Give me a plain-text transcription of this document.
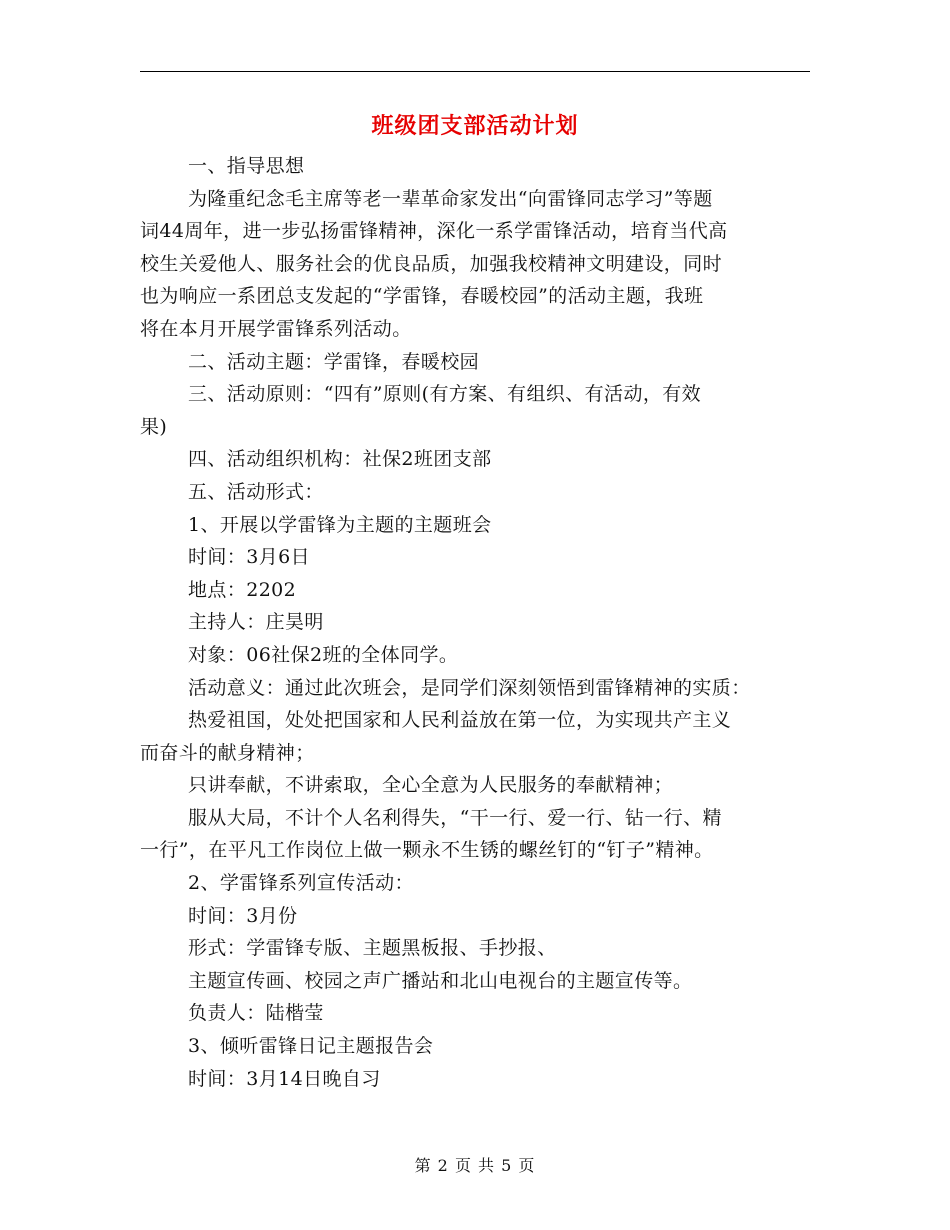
班级团支部活动计划
一、指导思想
为隆重纪念毛主席等老一辈革命家发出“向雷锋同志学习”等题
词44周年，进一步弘扬雷锋精神，深化一系学雷锋活动，培育当代高
校生关爱他人、服务社会的优良品质，加强我校精神文明建设，同时
也为响应一系团总支发起的“学雷锋，春暖校园”的活动主题，我班
将在本月开展学雷锋系列活动。
二、活动主题：学雷锋，春暖校园
三、活动原则：“四有”原则(有方案、有组织、有活动，有效
果)
四、活动组织机构：社保2班团支部
五、活动形式：
1、开展以学雷锋为主题的主题班会
时间：3月6日
地点：2202
主持人：庄昊明
对象：06社保2班的全体同学。
活动意义：通过此次班会，是同学们深刻领悟到雷锋精神的实质：
热爱祖国，处处把国家和人民利益放在第一位，为实现共产主义
而奋斗的献身精神；
只讲奉献，不讲索取，全心全意为人民服务的奉献精神；
服从大局，不计个人名利得失，“干一行、爱一行、钻一行、精
一行”，在平凡工作岗位上做一颗永不生锈的螺丝钉的“钉子”精神。
2、学雷锋系列宣传活动：
时间：3月份
形式：学雷锋专版、主题黑板报、手抄报、
主题宣传画、校园之声广播站和北山电视台的主题宣传等。
负责人：陆楷莹
3、倾听雷锋日记主题报告会
时间：3月14日晚自习
第 2 页 共 5 页
